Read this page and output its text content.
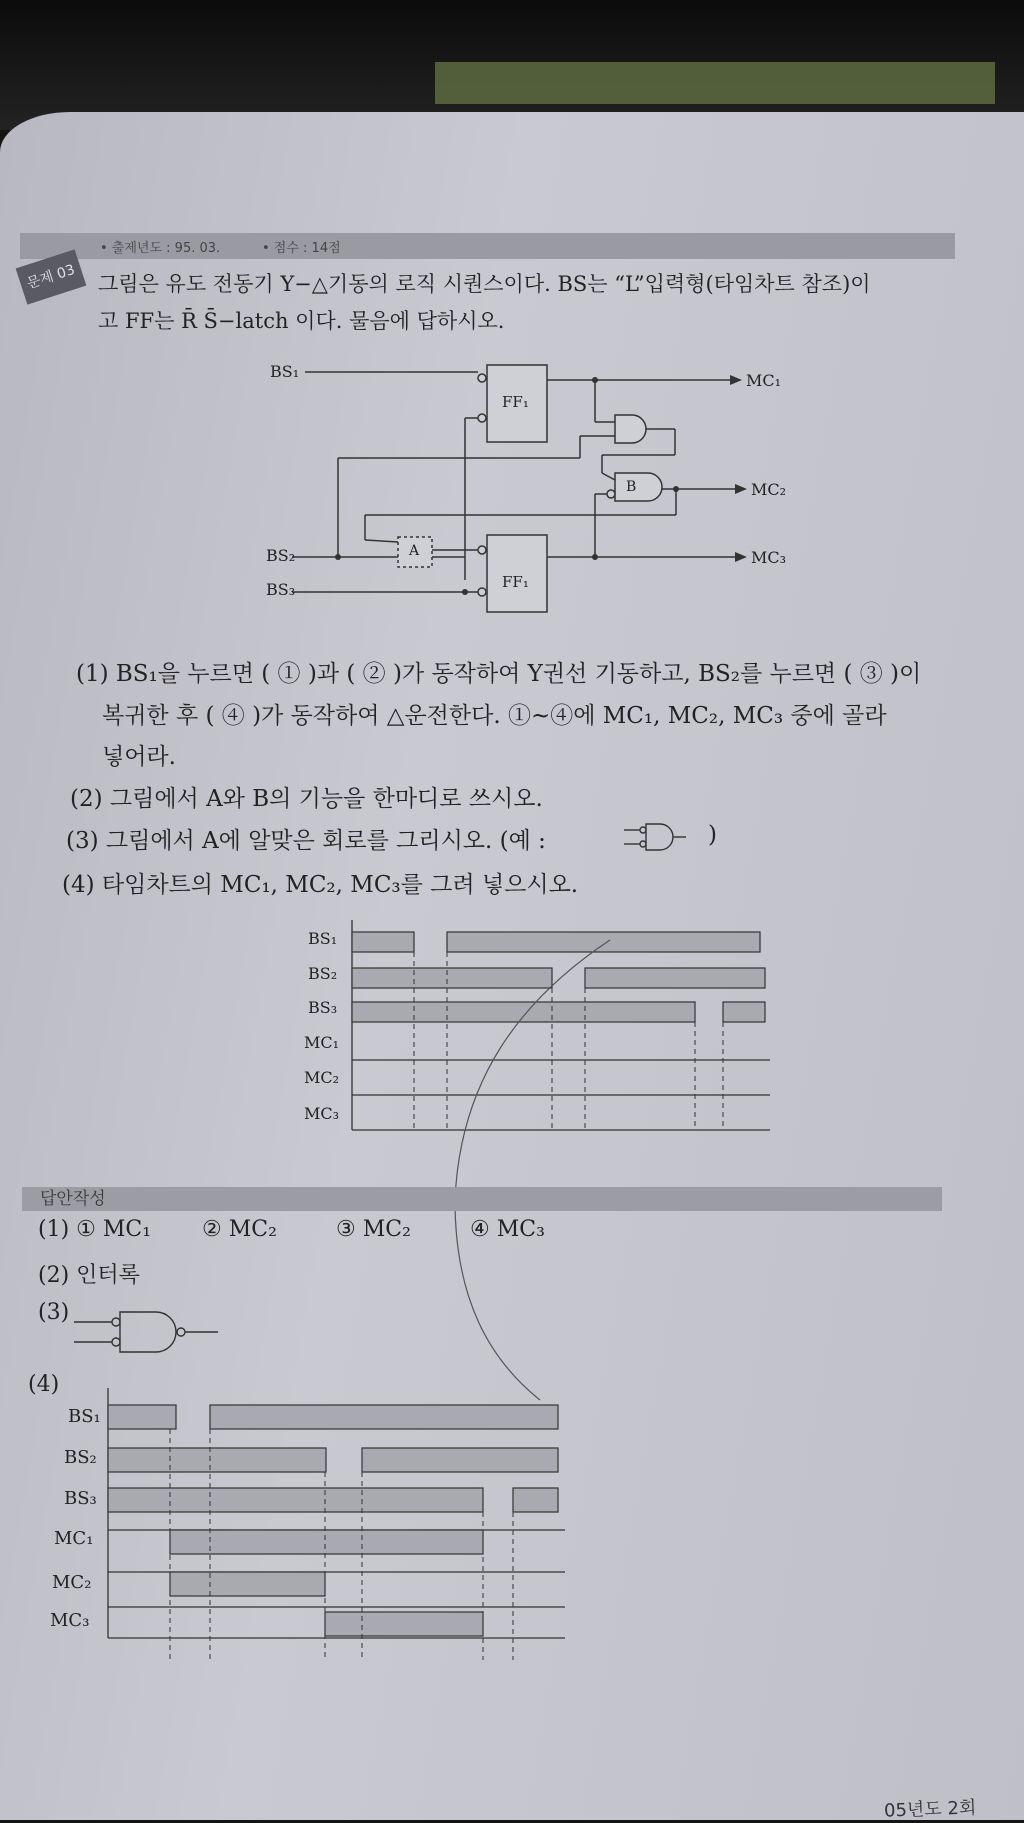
문제 03
• 출제년도 : 95. 03.	• 점수 : 14점
그림은 유도 전동기 Y−△기동의 로직 시퀀스이다. BS는 “L”입력형(타임차트 참조)이
고 FF는 R̄ S̄−latch 이다. 물음에 답하시오.
BS₁
BS₂
BS₃
FF₁
FF₁
A
B
MC₁
MC₂
MC₃
(1) BS₁을 누르면 ( ① )과 ( ② )가 동작하여 Y권선 기동하고, BS₂를 누르면 ( ③ )이
복귀한 후 ( ④ )가 동작하여 △운전한다. ①~④에 MC₁, MC₂, MC₃ 중에 골라
넣어라.
(2) 그림에서 A와 B의 기능을 한마디로 쓰시오.
(3) 그림에서 A에 알맞은 회로를 그리시오. (예 :	)
(4) 타임차트의 MC₁, MC₂, MC₃를 그려 넣으시오.
BS₁
BS₂
BS₃
MC₁
MC₂
MC₃
답안작성
(1) ① MC₁ ② MC₂	③ MC₂	④ MC₃
(2) 인터록
(3)
(4)
BS₁
BS₂
BS₃
MC₁
MC₂
MC₃
05년도 2회
